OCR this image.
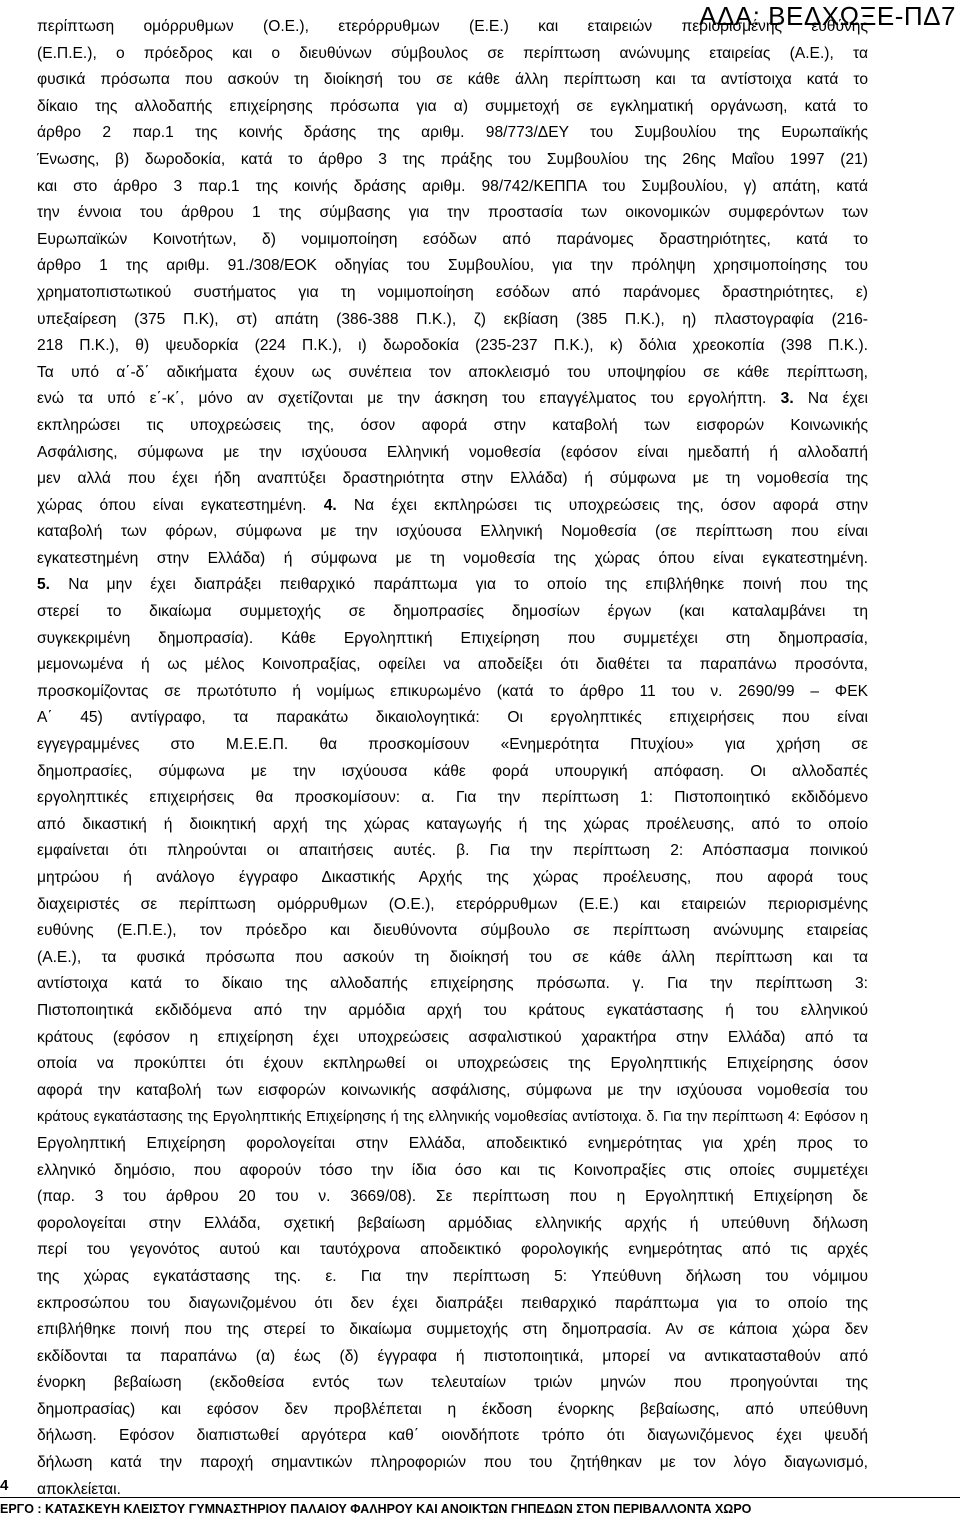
ΑΔΑ: ΒΕΔΧΩΞΕ-ΠΔ7
περίπτωση ομόρρυθμων (Ο.Ε.), ετερόρρυθμων (Ε.Ε.) και εταιρειών περιορισμένης ευθύνης
(Ε.Π.Ε.), ο πρόεδρος και ο διευθύνων σύμβουλος σε περίπτωση ανώνυμης εταιρείας (Α.Ε.), τα
φυσικά πρόσωπα που ασκούν τη διοίκησή του σε κάθε άλλη περίπτωση και τα αντίστοιχα κατά το
δίκαιο της αλλοδαπής επιχείρησης πρόσωπα για α) συμμετοχή σε εγκληματική οργάνωση, κατά το
άρθρο 2 παρ.1 της κοινής δράσης της αριθμ. 98/773/ΔΕΥ του Συμβουλίου της Ευρωπαϊκής
Ένωσης, β) δωροδοκία, κατά το άρθρο 3 της πράξης του Συμβουλίου της 26ης Μαΐου 1997 (21)
και στο άρθρο 3 παρ.1 της κοινής δράσης αριθμ. 98/742/ΚΕΠΠΑ του Συμβουλίου, γ) απάτη, κατά
την έννοια του άρθρου 1 της σύμβασης για την προστασία των οικονομικών συμφερόντων των
Ευρωπαϊκών Κοινοτήτων, δ) νομιμοποίηση εσόδων από παράνομες δραστηριότητες, κατά το
άρθρο 1 της αριθμ. 91./308/ΕΟΚ οδηγίας του Συμβουλίου, για την πρόληψη χρησιμοποίησης του
χρηματοπιστωτικού συστήματος για τη νομιμοποίηση εσόδων από παράνομες δραστηριότητες, ε)
υπεξαίρεση (375 Π.Κ), στ) απάτη (386-388 Π.Κ.), ζ) εκβίαση (385 Π.Κ.), η) πλαστογραφία (216-
218 Π.Κ.), θ) ψευδορκία (224 Π.Κ.), ι) δωροδοκία (235-237 Π.Κ.), κ) δόλια χρεοκοπία (398 Π.Κ.).
Τα υπό α΄-δ΄ αδικήματα έχουν ως συνέπεια τον αποκλεισμό του υποψηφίου σε κάθε περίπτωση,
ενώ τα υπό ε΄-κ΄, μόνο αν σχετίζονται με την άσκηση του επαγγέλματος του εργολήπτη. 3. Να έχει
εκπληρώσει τις υποχρεώσεις της, όσον αφορά στην καταβολή των εισφορών Κοινωνικής
Ασφάλισης, σύμφωνα με την ισχύουσα Ελληνική νομοθεσία (εφόσον είναι ημεδαπή ή αλλοδαπή
μεν αλλά που έχει ήδη αναπτύξει δραστηριότητα στην Ελλάδα) ή σύμφωνα με τη νομοθεσία της
χώρας όπου είναι εγκατεστημένη. 4. Να έχει εκπληρώσει τις υποχρεώσεις της, όσον αφορά στην
καταβολή των φόρων, σύμφωνα με την ισχύουσα Ελληνική Νομοθεσία (σε περίπτωση που είναι
εγκατεστημένη στην Ελλάδα) ή σύμφωνα με τη νομοθεσία της χώρας όπου είναι εγκατεστημένη.
5. Να μην έχει διαπράξει πειθαρχικό παράπτωμα για το οποίο της επιβλήθηκε ποινή που της
στερεί το δικαίωμα συμμετοχής σε δημοπρασίες δημοσίων έργων (και καταλαμβάνει τη
συγκεκριμένη δημοπρασία). Κάθε Εργοληπτική Επιχείρηση που συμμετέχει στη δημοπρασία,
μεμονωμένα ή ως μέλος Κοινοπραξίας, οφείλει να αποδείξει ότι διαθέτει τα παραπάνω προσόντα,
προσκομίζοντας σε πρωτότυπο ή νομίμως επικυρωμένο (κατά το άρθρο 11 του ν. 2690/99 – ΦΕΚ
Α΄ 45) αντίγραφο, τα παρακάτω δικαιολογητικά: Οι εργοληπτικές επιχειρήσεις που είναι
εγγεγραμμένες στο Μ.Ε.Ε.Π. θα προσκομίσουν «Ενημερότητα Πτυχίου» για χρήση σε
δημοπρασίες, σύμφωνα με την ισχύουσα κάθε φορά υπουργική απόφαση. Οι αλλοδαπές
εργοληπτικές επιχειρήσεις θα προσκομίσουν: α. Για την περίπτωση 1: Πιστοποιητικό εκδιδόμενο
από δικαστική ή διοικητική αρχή της χώρας καταγωγής ή της χώρας προέλευσης, από το οποίο
εμφαίνεται ότι πληρούνται οι απαιτήσεις αυτές. β. Για την περίπτωση 2: Απόσπασμα ποινικού
μητρώου ή ανάλογο έγγραφο Δικαστικής Αρχής της χώρας προέλευσης, που αφορά τους
διαχειριστές σε περίπτωση ομόρρυθμων (Ο.Ε.), ετερόρρυθμων (Ε.Ε.) και εταιρειών περιορισμένης
ευθύνης (Ε.Π.Ε.), τον πρόεδρο και διευθύνοντα σύμβουλο σε περίπτωση ανώνυμης εταιρείας
(Α.Ε.), τα φυσικά πρόσωπα που ασκούν τη διοίκησή του σε κάθε άλλη περίπτωση και τα
αντίστοιχα κατά το δίκαιο της αλλοδαπής επιχείρησης πρόσωπα. γ. Για την περίπτωση 3:
Πιστοποιητικά εκδιδόμενα από την αρμόδια αρχή του κράτους εγκατάστασης ή του ελληνικού
κράτους (εφόσον η επιχείρηση έχει υποχρεώσεις ασφαλιστικού χαρακτήρα στην Ελλάδα) από τα
οποία να προκύπτει ότι έχουν εκπληρωθεί οι υποχρεώσεις της Εργοληπτικής Επιχείρησης όσον
αφορά την καταβολή των εισφορών κοινωνικής ασφάλισης, σύμφωνα με την ισχύουσα νομοθεσία του
κράτους εγκατάστασης της Εργοληπτικής Επιχείρησης ή της ελληνικής νομοθεσίας αντίστοιχα. δ. Για την περίπτωση 4: Εφόσον η
Εργοληπτική Επιχείρηση φορολογείται στην Ελλάδα, αποδεικτικό ενημερότητας για χρέη προς το
ελληνικό δημόσιο, που αφορούν τόσο την ίδια όσο και τις Κοινοπραξίες στις οποίες συμμετέχει
(παρ. 3 του άρθρου 20 του ν. 3669/08). Σε περίπτωση που η Εργοληπτική Επιχείρηση δε
φορολογείται στην Ελλάδα, σχετική βεβαίωση αρμόδιας ελληνικής αρχής ή υπεύθυνη δήλωση
περί του γεγονότος αυτού και ταυτόχρονα αποδεικτικό φορολογικής ενημερότητας από τις αρχές
της χώρας εγκατάστασης της. ε. Για την περίπτωση 5: Υπεύθυνη δήλωση του νόμιμου
εκπροσώπου του διαγωνιζομένου ότι δεν έχει διαπράξει πειθαρχικό παράπτωμα για το οποίο της
επιβλήθηκε ποινή που της στερεί το δικαίωμα συμμετοχής στη δημοπρασία. Αν σε κάποια χώρα δεν
εκδίδονται τα παραπάνω (α) έως (δ) έγγραφα ή πιστοποιητικά, μπορεί να αντικατασταθούν από
ένορκη βεβαίωση (εκδοθείσα εντός των τελευταίων τριών μηνών που προηγούνται της
δημοπρασίας) και εφόσον δεν προβλέπεται η έκδοση ένορκης βεβαίωσης, από υπεύθυνη
δήλωση. Εφόσον διαπιστωθεί αργότερα καθ΄ οιονδήποτε τρόπο ότι διαγωνιζόμενος έχει ψευδή
δήλωση κατά την παροχή σημαντικών πληροφοριών που του ζητήθηκαν με τον λόγο διαγωνισμό,
αποκλείεται.
4
ΕΡΓΟ : ΚΑΤΑΣΚΕΥΗ ΚΛΕΙΣΤΟΥ ΓΥΜΝΑΣΤΗΡΙΟΥ ΠΑΛΑΙΟΥ ΦΑΛΗΡΟΥ ΚΑΙ ΑΝΟΙΚΤΩΝ ΓΗΠΕΔΩΝ ΣΤΟΝ ΠΕΡΙΒΑΛΛΟΝΤΑ ΧΩΡΟ
